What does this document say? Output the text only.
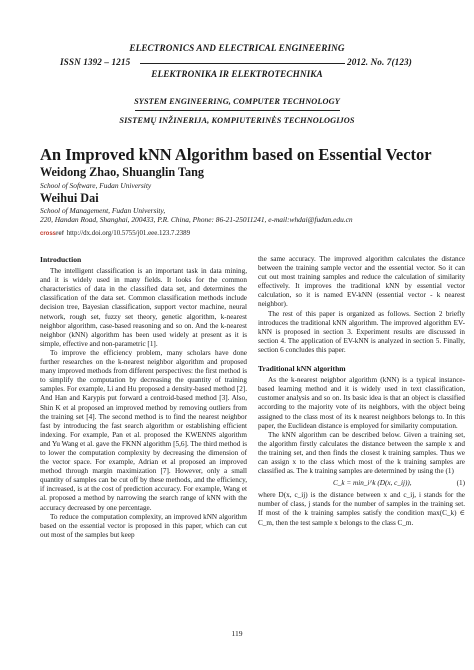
ELECTRONICS AND ELECTRICAL ENGINEERING
ISSN 1392 – 1215	2012. No. 7(123)
ELEKTRONIKA IR ELEKTROTECHNIKA
SYSTEM ENGINEERING, COMPUTER TECHNOLOGY
SISTEMŲ INŽINERIJA, KOMPIUTERINĖS TECHNOLOGIJOS
An Improved kNN Algorithm based on Essential Vector
Weidong Zhao, Shuanglin Tang
School of Software, Fudan University
Weihui Dai
School of Management, Fudan University,
220, Handan Road, Shanghai, 200433, P.R. China, Phone: 86-21-25011241, e-mail:whdai@fudan.edu.cn
crossref http://dx.doi.org/10.5755/j01.eee.123.7.2389

Introduction

The intelligent classification is an important task in data mining, and it is widely used in many fields. It looks for the common characteristics of data in the classified data set, and determines the classification of the data set. Common classification methods include decision tree, Bayesian classification, support vector machine, neural network, rough set, fuzzy set theory, genetic algorithm, k-nearest neighbor algorithm, case-based reasoning and so on. And the k-nearest neighbor (kNN) algorithm has been used widely at present as it is simple, effective and non-parametric [1].

To improve the efficiency problem, many scholars have done further researches on the k-nearest neighbor algorithm and proposed many improved methods from different perspectives: the first method is to simplify the computation by decreasing the quantity of training samples. For example, Li and Hu proposed a density-based method [2]. And Han and Karypis put forward a centroid-based method [3]. Also, Shin K et al proposed an improved method by removing outliers from the training set [4]. The second method is to find the nearest neighbor fast by introducing the fast search algorithm or establishing efficient indexing. For example, Pan et al. proposed the KWENNS algorithm and Yu Wang et al. gave the FKNN algorithm [5,6]. The third method is to lower the computation complexity by decreasing the dimension of the vector space. For example, Adrian et al proposed an improved method through margin maximization [7]. However, only a small quantity of samples can be cut off by these methods, and the efficiency, if increased, is at the cost of prediction accuracy. For example, Wang et al. proposed a method by narrowing the search range of kNN with the accuracy decreased by one percentage.

To reduce the computation complexity, an improved kNN algorithm based on the essential vector is proposed in this paper, which can cut out most of the samples but keep

the same accuracy. The improved algorithm calculates the distance between the training sample vector and the essential vector. So it can cut out most training samples and reduce the calculation of similarity effectively. It improves the traditional kNN by essential vector calculation, so it is named EV-kNN (essential vector - k nearest neighbor).

The rest of this paper is organized as follows. Section 2 briefly introduces the traditional kNN algorithm. The improved algorithm EV-kNN is proposed in section 3. Experiment results are discussed in section 4. The application of EV-kNN is analyzed in section 5. Finally, section 6 concludes this paper.

Traditional kNN algorithm

As the k-nearest neighbor algorithm (kNN) is a typical instance-based learning method and it is widely used in text classification, customer analysis and so on. Its basic idea is that an object is classified according to the majority vote of its neighbors, with the object being assigned to the class most of its k nearest neighbors belongs to. In this paper, the Euclidean distance is employed for similarity computation.

The kNN algorithm can be described below. Given a training set, the algorithm firstly calculates the distance between the sample x and the training set, and then finds the closest k training samples. Thus we can assign x to the class which most of the k training samples are classified as. The k training samples are determined by using the (1)

C_k = min_i^k (D(x, c_ij)),	(1)

where D(x, c_ij) is the distance between x and c_ij, i stands for the number of class, j stands for the number of samples in the training set. If most of the k training samples satisfy the condition max(C_k) ∈ C_m, then the test sample x belongs to the class C_m.

119
